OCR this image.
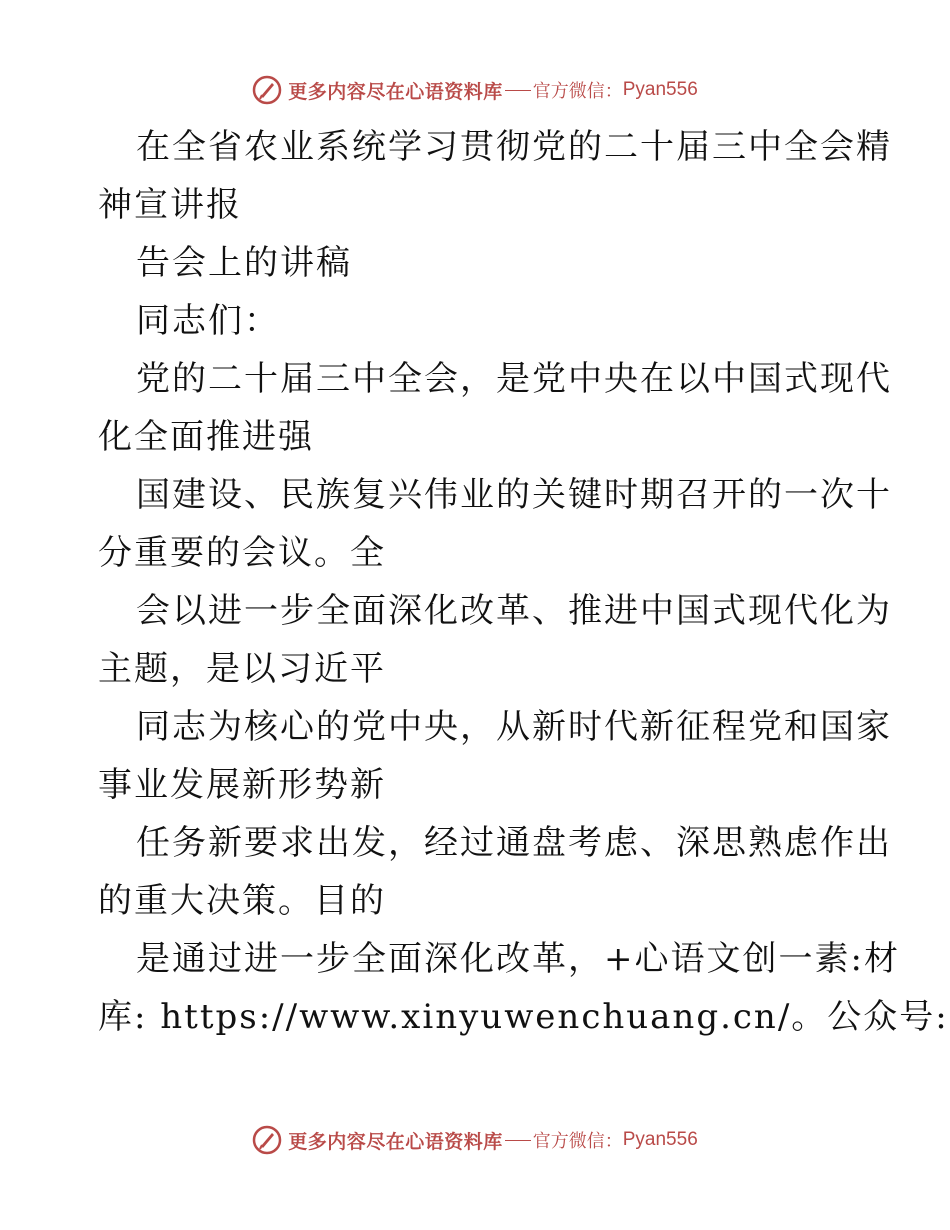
更多内容尽在心语资料库 官方微信： Pyan556
在全省农业系统学习贯彻党的二十届三中全会精
神宣讲报
告会上的讲稿
同志们：
党的二十届三中全会，是党中央在以中国式现代
化全面推进强
国建设、民族复兴伟业的关键时期召开的一次十
分重要的会议。全
会以进一步全面深化改革、推进中国式现代化为
主题，是以习近平
同志为核心的党中央，从新时代新征程党和国家
事业发展新形势新
任务新要求出发，经过通盘考虑、深思熟虑作出
的重大决策。目的
是通过进一步全面深化改革，+心语文创一素:材
库: https://www.xinyuwenchuang.cn/。公众号:
更多内容尽在心语资料库 官方微信： Pyan556
